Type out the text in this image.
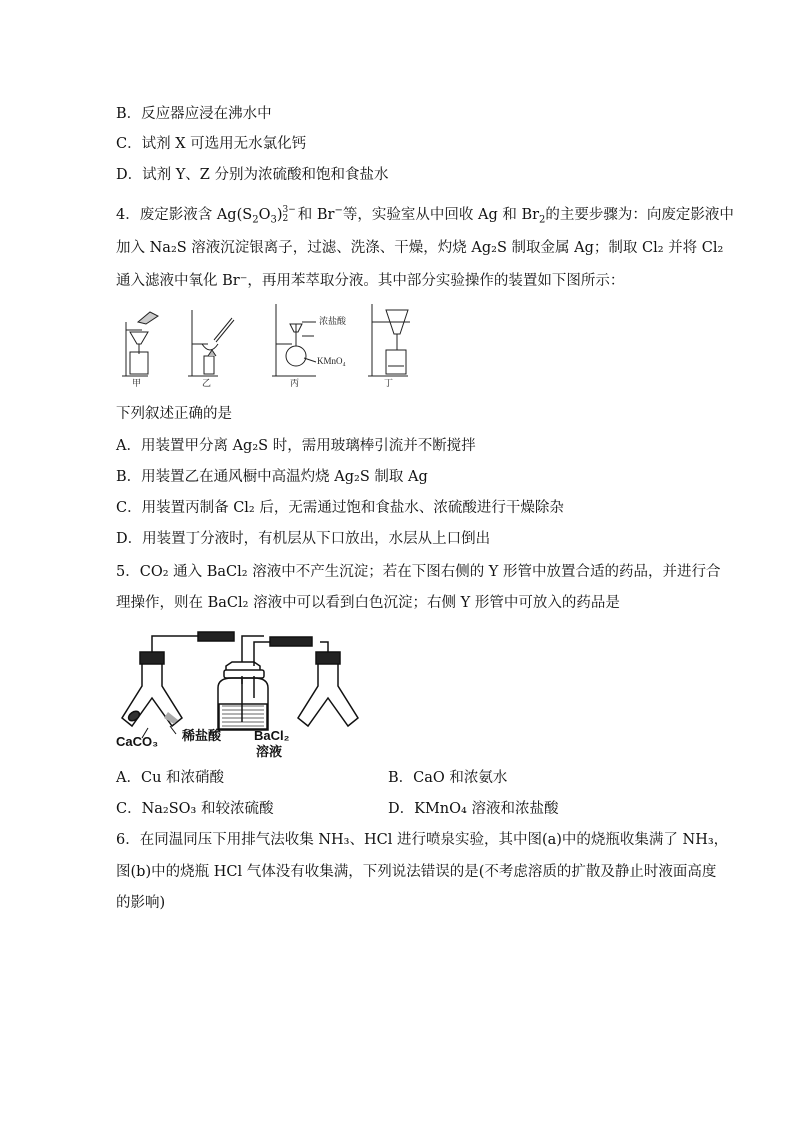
B．反应器应浸在沸水中
C．试剂 X 可选用无水氯化钙
D．试剂 Y、Z 分别为浓硫酸和饱和食盐水
4．废定影液含 $Ag(S_2O_3)$ 3−
2 和 Br−等，实验室从中回收 Ag 和 $Br_2$的主要步骤为：向废定影液中
加入 Na₂S 溶液沉淀银离子，过滤、洗涤、干燥，灼烧 Ag₂S 制取金属 Ag；制取 Cl₂ 并将 Cl₂
通入滤液中氧化 Br⁻，再用苯萃取分液。其中部分实验操作的装置如下图所示：
浓盐酸
KMnO₄
甲	乙	丙	丁
下列叙述正确的是
A．用装置甲分离 Ag₂S 时，需用玻璃棒引流并不断搅拌
B．用装置乙在通风橱中高温灼烧 Ag₂S 制取 Ag
C．用装置丙制备 Cl₂ 后，无需通过饱和食盐水、浓硫酸进行干燥除杂
D．用装置丁分液时，有机层从下口放出，水层从上口倒出
5．CO₂ 通入 BaCl₂ 溶液中不产生沉淀；若在下图右侧的 Y 形管中放置合适的药品，并进行合
理操作，则在 BaCl₂ 溶液中可以看到白色沉淀；右侧 Y 形管中可放入的药品是
CaCO₃ 稀盐酸	BaCl₂
溶液
A．Cu 和浓硝酸	B．CaO 和浓氨水
C．Na₂SO₃ 和较浓硫酸	D．KMnO₄ 溶液和浓盐酸
6．在同温同压下用排气法收集 NH₃、HCl 进行喷泉实验，其中图(a)中的烧瓶收集满了 NH₃，
图(b)中的烧瓶 HCl 气体没有收集满，下列说法错误的是(不考虑溶质的扩散及静止时液面高度
的影响)
